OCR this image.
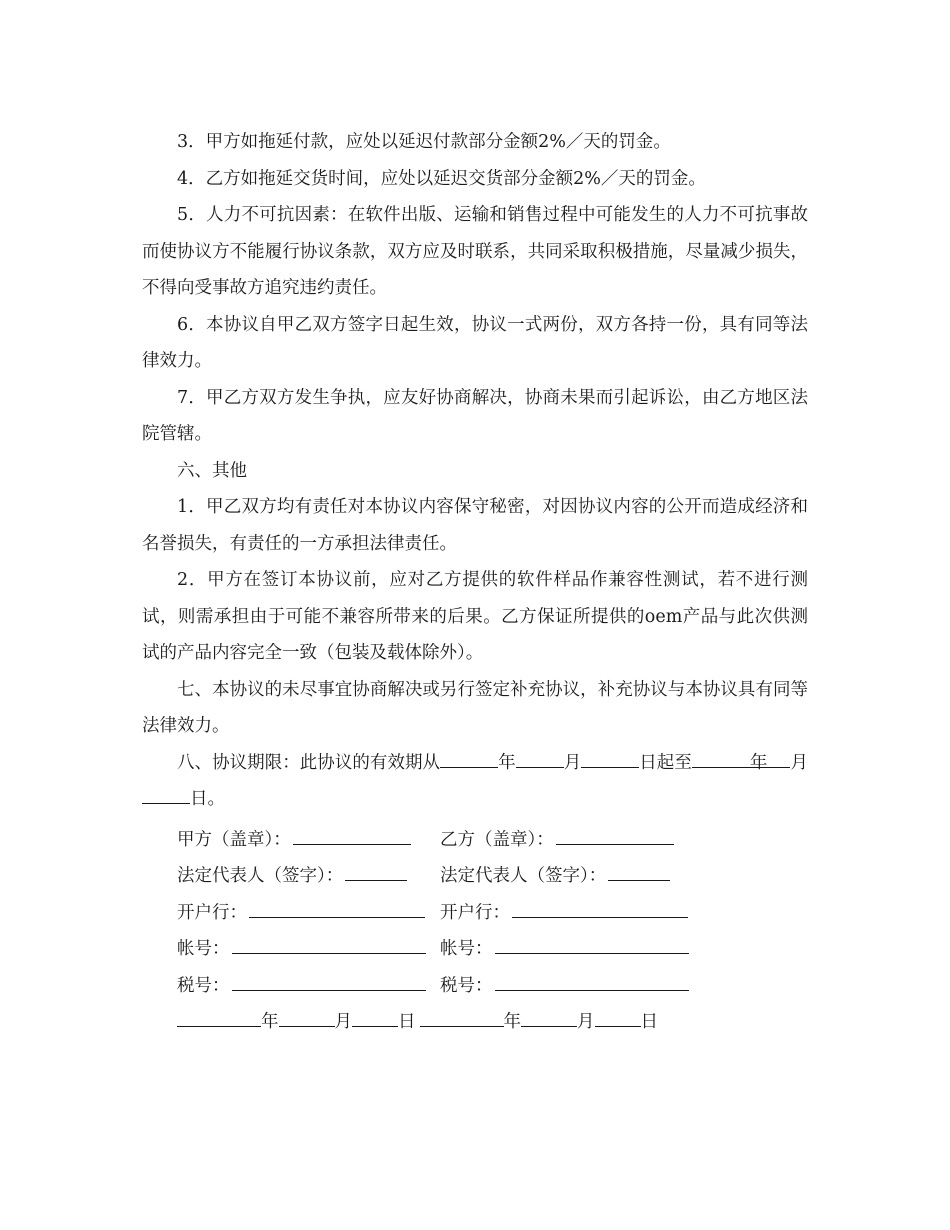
3．甲方如拖延付款，应处以延迟付款部分金额2%／天的罚金。

4．乙方如拖延交货时间，应处以延迟交货部分金额2%／天的罚金。

5．人力不可抗因素：在软件出版、运输和销售过程中可能发生的人力不可抗事故而使协议方不能履行协议条款，双方应及时联系，共同采取积极措施，尽量减少损失，不得向受事故方追究违约责任。

6．本协议自甲乙双方签字日起生效，协议一式两份，双方各持一份，具有同等法律效力。

7．甲乙方双方发生争执，应友好协商解决，协商未果而引起诉讼，由乙方地区法院管辖。

六、其他

1．甲乙双方均有责任对本协议内容保守秘密，对因协议内容的公开而造成经济和名誉损失，有责任的一方承担法律责任。

2．甲方在签订本协议前，应对乙方提供的软件样品作兼容性测试，若不进行测试，则需承担由于可能不兼容所带来的后果。乙方保证所提供的oem产品与此次供测试的产品内容完全一致（包装及载体除外）。

七、本协议的未尽事宜协商解决或另行签定补充协议，补充协议与本协议具有同等法律效力。

八、协议期限：此协议的有效期从	年	月	日起至	年 月日。

甲方（盖章）：	乙方（盖章）：
法定代表人（签字）：	法定代表人（签字）：
开户行：	开户行：
帐号：	帐号：
税号：	税号：
年	月	日	年	月	日
